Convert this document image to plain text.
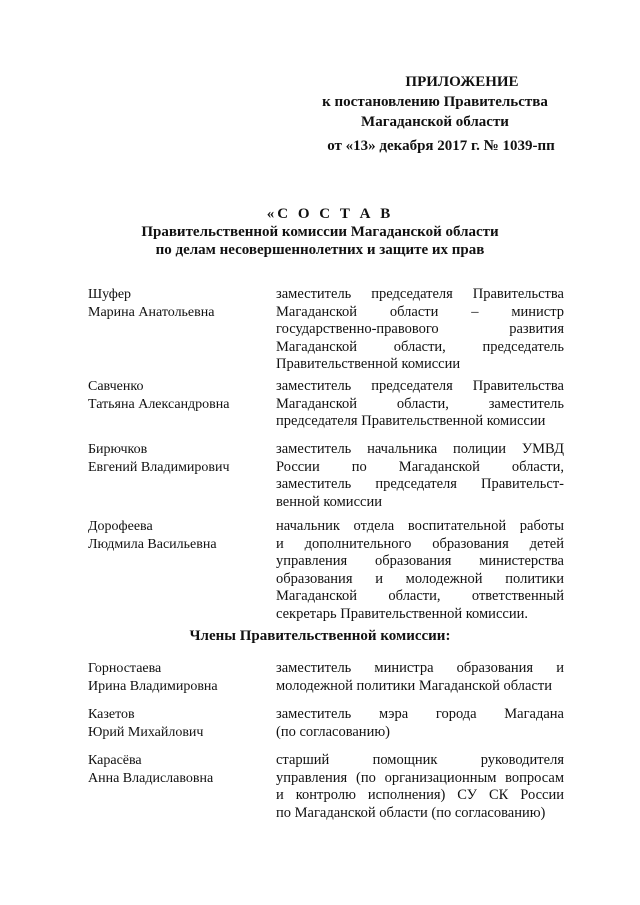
ПРИЛОЖЕНИЕ
к постановлению Правительства
Магаданской области
от «13» декабря 2017 г. № 1039-пп
«С О С Т А В
Правительственной комиссии Магаданской области
по делам несовершеннолетних и защите их прав
Шуфер
Марина Анатольевна
заместитель председателя Правительства
Магаданской области – министр
государственно-правового развития
Магаданской области, председатель
Правительственной комиссии
Савченко
Татьяна Александровна
заместитель председателя Правительства
Магаданской области, заместитель
председателя Правительственной комиссии
Бирючков
Евгений Владимирович
заместитель начальника полиции УМВД
России по Магаданской области,
заместитель председателя Правительст-
венной комиссии
Дорофеева
Людмила Васильевна
начальник отдела воспитательной работы
и дополнительного образования детей
управления образования министерства
образования и молодежной политики
Магаданской области, ответственный
секретарь Правительственной комиссии.
Члены Правительственной комиссии:
Горностаева
Ирина Владимировна
заместитель министра образования и
молодежной политики Магаданской области
Казетов
Юрий Михайлович
заместитель мэра города Магадана
(по согласованию)
Карасёва
Анна Владиславовна
старший помощник руководителя
управления (по организационным вопросам
и контролю исполнения) СУ СК России
по Магаданской области (по согласованию)
